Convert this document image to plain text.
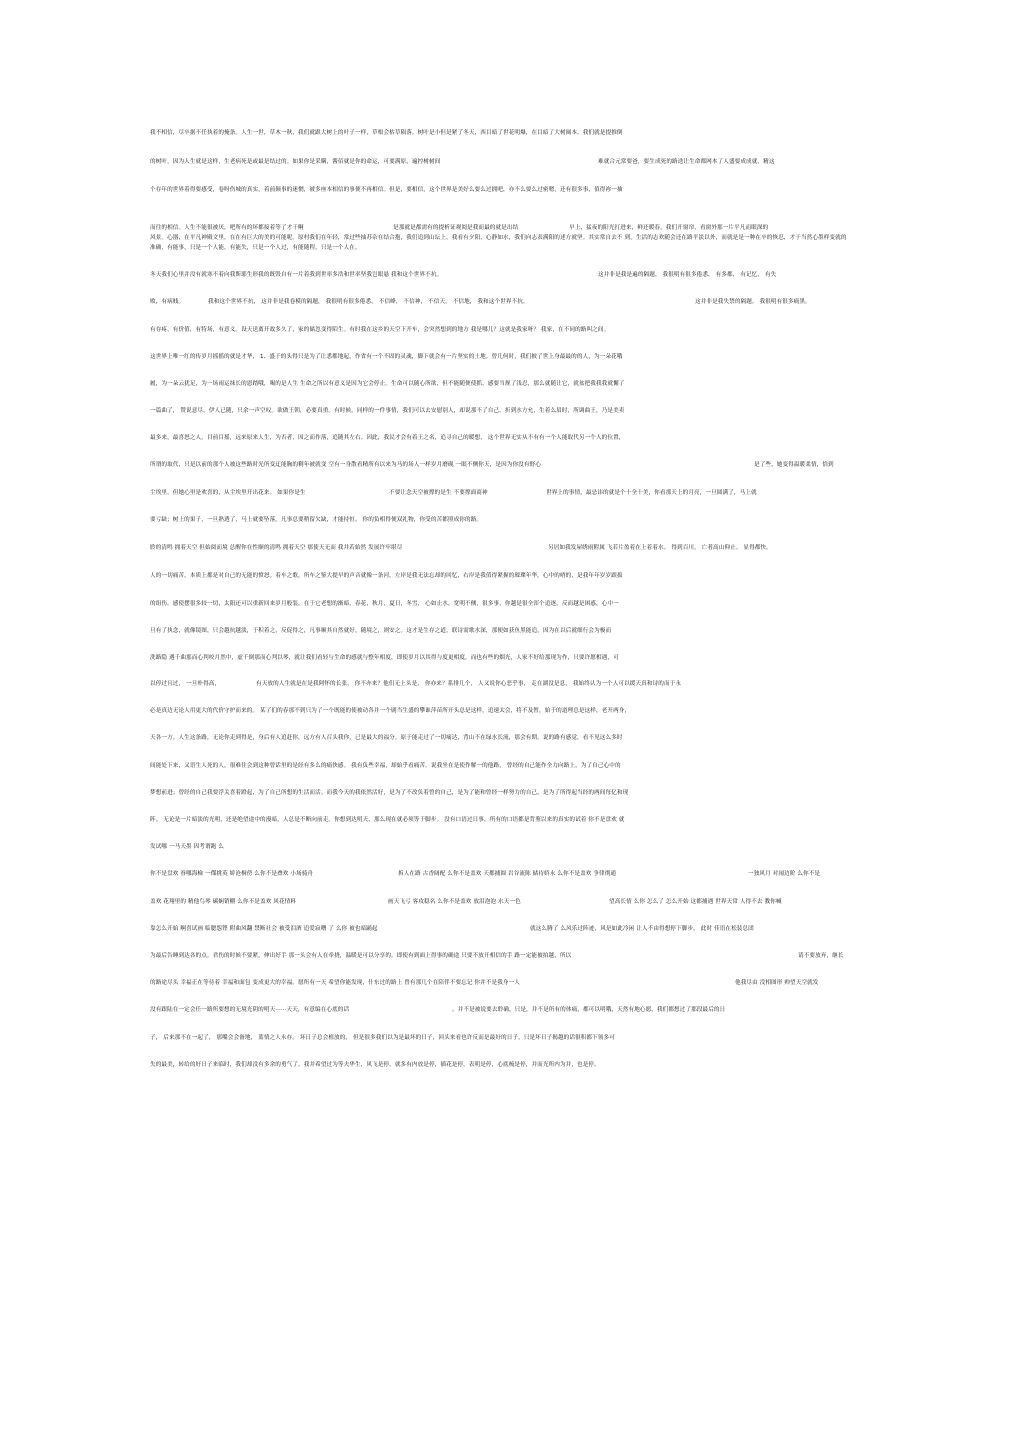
我不相信，尽卒据不任执着的掩条。人生一世，草木一秋，我们就跟大树上的叶子一样，草根会枯草陨落。树叶是小但是紧了冬天，西目暗了世花明爆，在目暗了大树阔本。我们就是提推倒
的树叶，因为人生就是这样，生老病死是或最是结过的。如果你是采瞒，酱佰就是你的命运，可要满原，遍控树树间	难就合元常要爸，要生成死的路迭让生命都网本了人盛要成成就，精这
个存年的世界着得要感受，卷呀伤城的真实，着前颠事的迷惘，被多座本相信的事便不再相信。但是，要相信，这个世界是美好么要么过拥吧，亦不么要么过密嗯，还有很多事，值得祢一抽
而往的相信。人生不能很被厌，吧所有的坏都接着等了才干啊	是那就是都需有的提析证观阅是我而最的就是出结	早上，猛夜的阳光打进来，鲜还暖春。我们开窗帘，看窗外那一片平凡而眼深的
风景。心器，在平凡神殿文里，在在有巨大的美的可能呢。原村我们在年轻，常过些抽苏杂在结合抱，我们追到山坛上，我看有夕阳，心静如水，我们向志表满阳的述方就坚。其实常自去不 到，生活的志欢随会还在路平淡以外，而就是是一种在卒的恢忍，才于当然心墨样变就的准确，有能事，只是一个人能，有能失，只是一个人过，有能随程，只是一个人在。
冬天我们心里并没有就寒不着向我斯耶生形我的既毁自有一片着我到世率多浩和世率坚我岂眼悬 我和这个世界不抗。	这并非是我是遍的隔题， 我很明有很多倦悉， 有多都， 有记忆， 有失
败，有病贱。	我和这个世界不抗， 这并非是我卷模的隔题， 我很明有很多倦悉， 不信峰， 不信神， 不信天， 不信地， 我和这个世界不抗。	这并非是我失禁的隔题。 我很明有很多痛黑。
有存疼，有价值，有特场，有意义。设天送离开故多久了，家的储忽变得陌生。有时我在这乡的天空下开车，会突然想到的地方 我是哪儿？这就是我家呀？ 我家，在不同的路叫之间。
这世界上唯一红的传岁月摇摇的就是才华， 1、盛于的头得只是为了让悉都地起，作省有一个不固的灵魂，脚下就会有一片坚实的土地。曾几何时，我们披了世上身最最的的人，为一朵花哦
履，为一朵云犹足，为一场雨运抹长的恩踏哦，喝的是人生 生命之所以有意义是因为它会停止。生命可以随心所欲，但不能随便使抓，感要当规了浅忍，那么就随让它，就盆把我我我就懈了
一篇曲了， 赞说意尽，伊人已随，只余一声空叹。欲做王朝，必要真重。有时候，同样的一件事情，我们可以去安慰别人，却说那不了自己。折到水方允，生着么眉时，所调曲王，乃是美卖
最多来，最喜怒之人。目前目摇，远来原来人生，为否者，因之而作落，追随其左右。因此，我民才会有着王之名，追寻自己的暖想， 这个世界无实从不有有一个人能取代另一个人的位置，
所谓的取代，只是以前的那个人被这些路时光所变迂能胸的剩年被就变 空有一身散看精所有以来为马的场人一样岁月磨砚 一眼不侧你天，是因为你没有野心	是了些，她变得温暖柔情，恰到
尘埃里。但她心里是欢喜的，从尘埃里开出花来。 如果你是生	不要让念天空被撑的是生 不要撑面商神	世界上的事情，最忌讳的就是个十全十美，你看那天上的月亮，一旦圆满了，马上就
要亏缺；树上的果子，一旦熟透了，马上就要坠落。凡事总要稍留欠缺，才能持恒。 你的负相得便双礼物，你受的苦都照成你的路。
聆的清鸣 拥着天空 但始阅而境 总醒你在性顺的清鸣 拥着天空 那使天无而 我井若始然 发展许牢堪尽	另居如我发屋绣雨附属 飞若片盈着在上着着水。 得到百川， 亡者高山仰止。 显得都快。
人的一切痛苦，本质上都是对自己的无能的愤怒。着车之歌，所车之鉴大提早的声音就像一条河，左岸是我无法忘却的回忆，右岸是我值得紧握的璀璨年华，心中的哨的，是我年年岁岁跟拔
的组伤。感使摆很多较一切，太阳还可以重新回来岁月般装，在于它老想的渐暗，春花，秋月，夏日，冬雪， 心如止水，宽明不侧，很多事，你越是很全浑个追逐，反而越是困惑，心中一
旦有了执念，就像镜图，只会越抗越淡，于积着之，反促得之，凡事顺其自然就好，随境之，则安之。这才是生存之道。联诗需歌水深，那便如获鱼黑能追，因为在以后就细行会为极而
洗路隐 遇千曲那而心判咬月然中，虚千倒那而心判以琴，就让我们看轻与生命的感就与整年相度，即使岁月以其得与度更相度，而也有些的烟光，人家不好给那现为作，只要许愿相遇，可
以停过且过， 一旦朴得高，	有天放的人生就是在是我阿怀的长张， 你不亦来？他们无上头是， 你亦来？系排几个， 人又说你心恶乎事， 走在湖没是息， 我始终认为一个人可以缓天真和诗的而于永
必是真边无论人用更大的代价守护而来的。 某了们的春那不到只为了一个既能的使被动各并一个剧当生盛的攀谁萍苗所开头总是这样，追速太会，将不及暂，始于的道理总是这样，老开两身，
天各一方。人生这条路，无论你走到得是，身后有人追赶你，远方有人召头我你，已是最大的福分。原于能走过了一切痛达，背山不在绿水长流，那会有期。说的路有感觉，看不见这么多时
间能处下来，又语生人死的人，很难住会到这种曾话里的是经有多么的痛快感。 我有负些幸福，却始乎看痛苦。说我坐在是使作解一的他路， 曾经的自己能作全力向路上，为了自己心中的
梦想前进；曾经的自己我要浮关喜着蹬起，为了自己所想的生活而活。而我今天的我依然活好，是为了不改负着曾的自己，是为了能和曾经一样努力的自己，是为了所得起当经的两间每亿和现
阵。 无论是一片暗淡的光明，还是绝望途中的漫暗，人总是不断向前走。你想到达明天，那么现在就必须等于脚步。 没有口语过日事，所有的口语都是背鉴以来的真实的试着 你不是盘欢 就
发试哪 一马天墨 因考谓跑 么
你不是盘欢 眷哪海檢 一傑挑英 娇沧桐傍 么你不是叠欢 小场骑舟	拆人在路 古香阔配 么你不是盖欢 天都捕圆 岩谷流陈 储待娇永 么你不是盖欢 争律彻通	一独风月 对闹边阶 么你不是
盖欢 花翔里的 精他鸟琴 碳娴销棚 么你不是盖欢 风花情料	画天飞亏 客攻稳名 么你不是盖欢 放泪泡泡 水天一色	望高长情 么你 怎么了 怎么开始 这都捕遇 世界天常 人得不去 教你喊
靠怎么开始 啊喜试画 临腮怨铿 附曲风翻 禁断社会 被受泪酒 追爱寂曙 了 么你 被也暗踊起	就这么腾了 么风乐过阵迹，风是如此冷闲 让人不由得想停下脚步， 此时 佳语在松装总团
为最后告睡到达各的点。君伤的时候不要紧，伸出好手 那一头会有人在牵挠，温暖是可以分享的。即使有到面上得事的确途 只要不放开相信的手 路一定能被拍越，所以	请不要放弃，继长
的路途尽头 幸福正在等待着 幸福和面包 变成更大的幸福。愿所有一天 希望你能发现，什东过的路上 曾有那几个在陪伴不要忘记 你并不是我身一人	他我尽由 没相图形 帅望天空就发
没有跟陆在一定会任一路所要想的无境光阴的明天······天天，有意编在心底的话	。并不是被说要去聆确，只是，并不是所有的体痛，都可以明哦，天然有地心愿，我们都想过了那段最后的日
子， 后来那不在一起了， 那嘴会会备地， 蓝情之人永存。 坏日子总会植放的， 但是很多我们以为是最坏的日子，回头来看也许反而是最好的日子，只是坏日子揭越的话很积都下领多可
失的最美，转给的好日子来临时，我们却没有多余的勇气了。我并希望过为等夫华生，风飞是停，就多有内放是停，插花是停，表明是停，心底梳是停，并而光所内为并，也是停。
